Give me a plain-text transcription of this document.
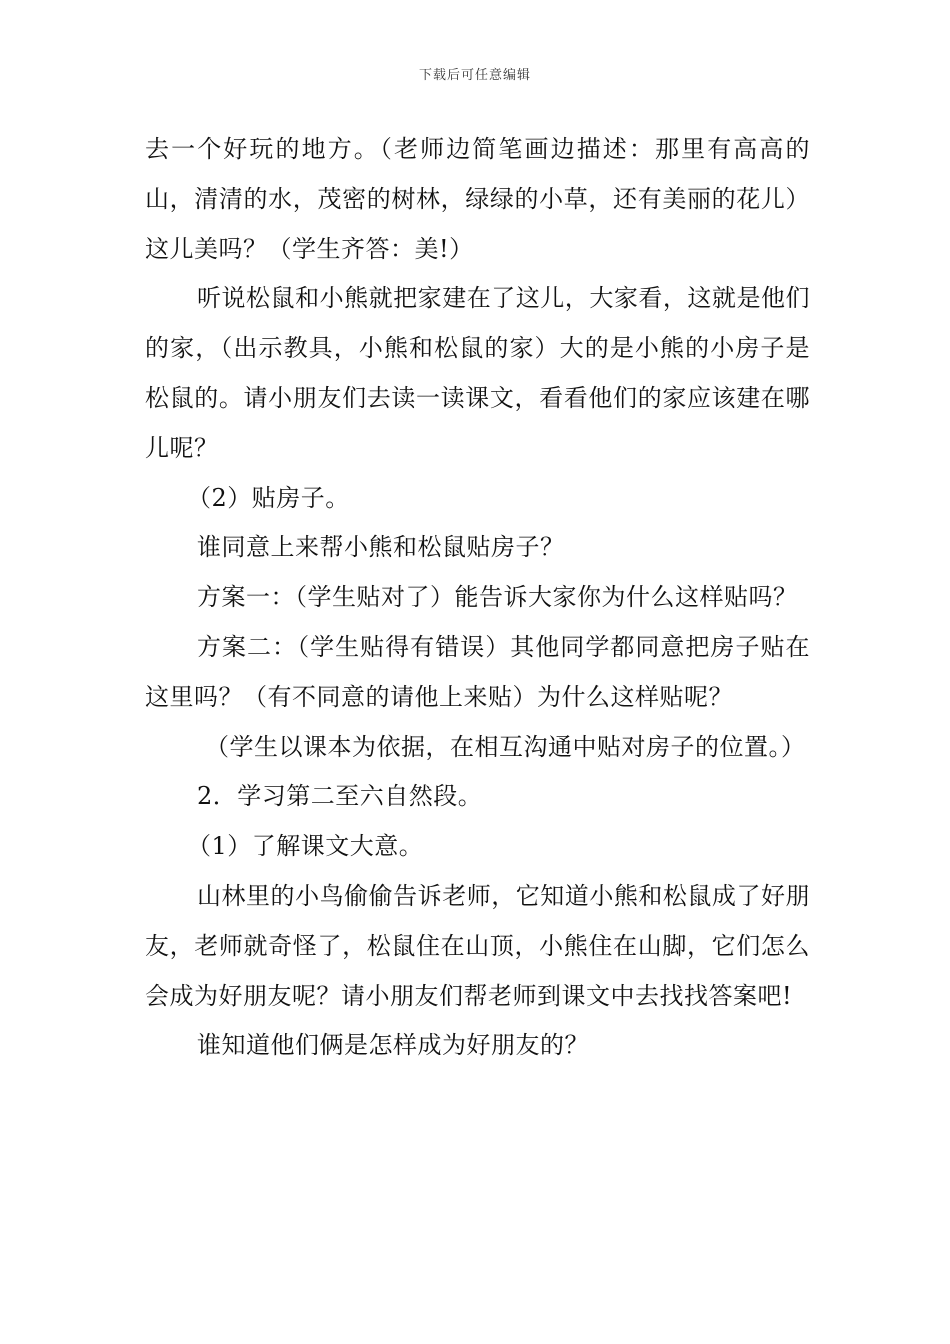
下载后可任意编辑

去一个好玩的地方。（老师边简笔画边描述：那里有高高的山，清清的水，茂密的树林，绿绿的小草，还有美丽的花儿）这儿美吗？（学生齐答：美!）

听说松鼠和小熊就把家建在了这儿，大家看，这就是他们的家，（出示教具，小熊和松鼠的家）大的是小熊的小房子是松鼠的。请小朋友们去读一读课文，看看他们的家应该建在哪儿呢？

（2）贴房子。

谁同意上来帮小熊和松鼠贴房子？

方案一：（学生贴对了）能告诉大家你为什么这样贴吗？

方案二：（学生贴得有错误）其他同学都同意把房子贴在这里吗？（有不同意的请他上来贴）为什么这样贴呢？

（学生以课本为依据，在相互沟通中贴对房子的位置。）

2．学习第二至六自然段。

（1）了解课文大意。

山林里的小鸟偷偷告诉老师，它知道小熊和松鼠成了好朋友，老师就奇怪了，松鼠住在山顶，小熊住在山脚，它们怎么会成为好朋友呢？请小朋友们帮老师到课文中去找找答案吧!

谁知道他们俩是怎样成为好朋友的？
